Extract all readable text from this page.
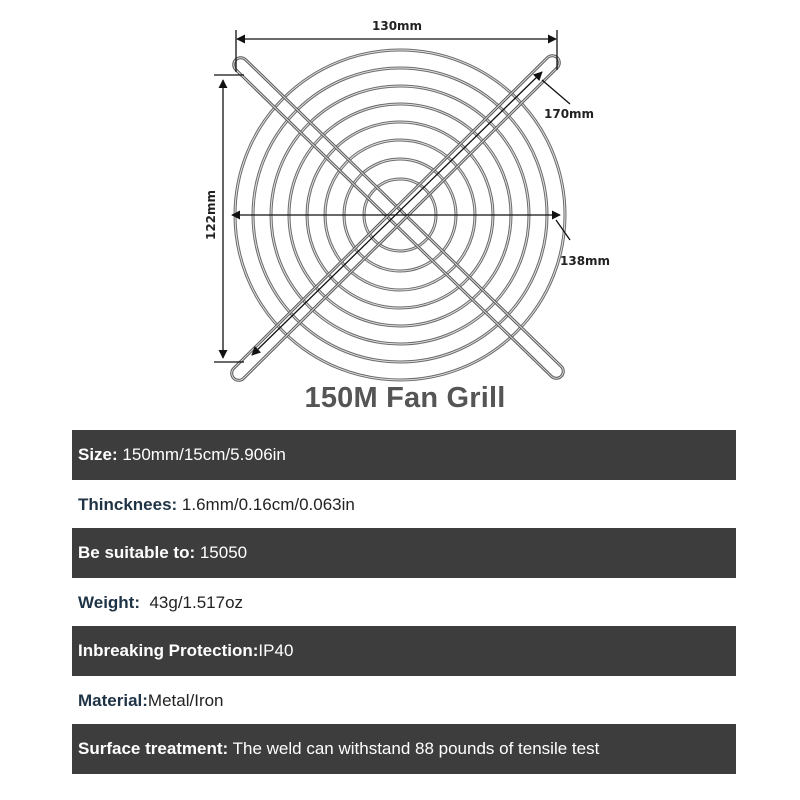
130mm
122mm
170mm
138mm
150M Fan Grill
Size: 150mm/15cm/5.906in
Thincknees: 1.6mm/0.16cm/0.063in
Be suitable to: 15050
Weight: 43g/1.517oz
Inbreaking Protection: IP40
Material: Metal/Iron
Surface treatment: The weld can withstand 88 pounds of tensile test
